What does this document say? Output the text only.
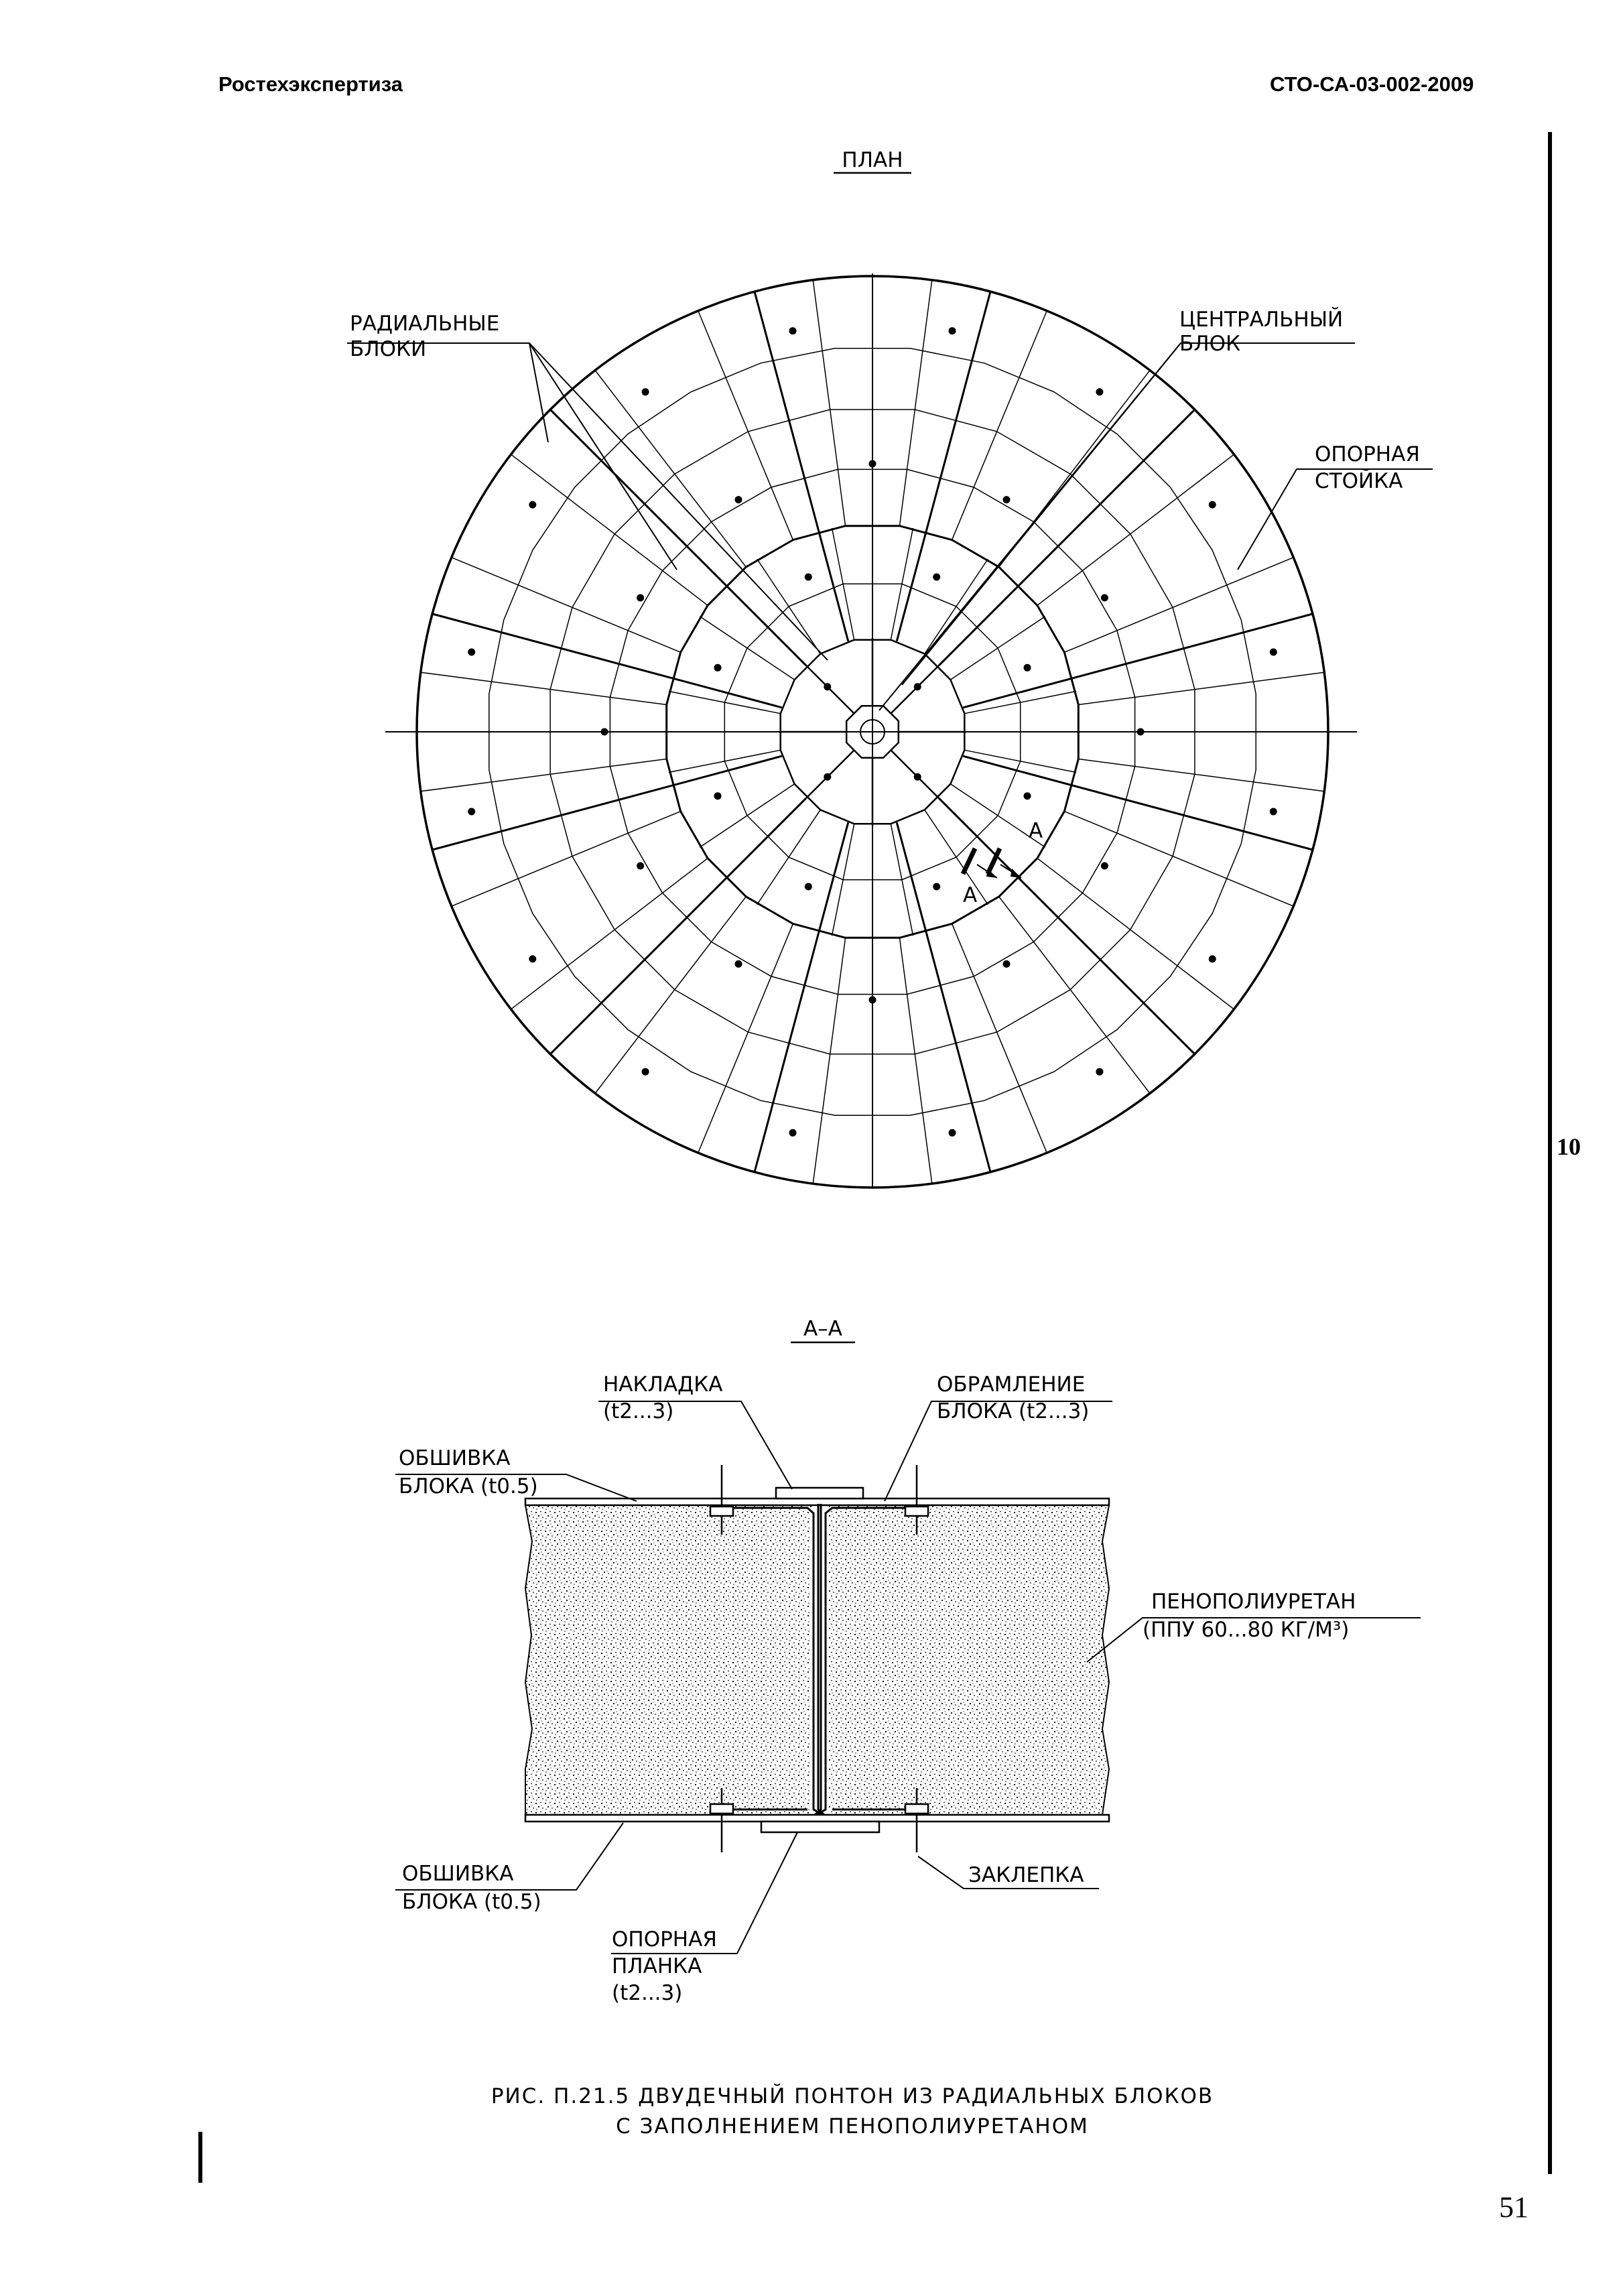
Ростехэкспертиза	СТО-СА-03-002-2009
10
51
ПЛАН
РАДИАЛЬНЫЕ
БЛОКИ
ЦЕНТРАЛЬНЫЙ
БЛОК
ОПОРНАЯ
СТОЙКА
А
А
А–А
НАКЛАДКА
(t2...3)
ОБРАМЛЕНИЕ
БЛОКА (t2...3)
ОБШИВКА
БЛОКА (t0.5)
ПЕНОПОЛИУРЕТАН
(ППУ 60...80 КГ/М³)
ОБШИВКА
БЛОКА (t0.5)
ЗАКЛЕПКА
ОПОРНАЯ
ПЛАНКА
(t2...3)
РИС. П.21.5 ДВУДЕЧНЫЙ ПОНТОН ИЗ РАДИАЛЬНЫХ БЛОКОВ
С ЗАПОЛНЕНИЕМ ПЕНОПОЛИУРЕТАНОМ
